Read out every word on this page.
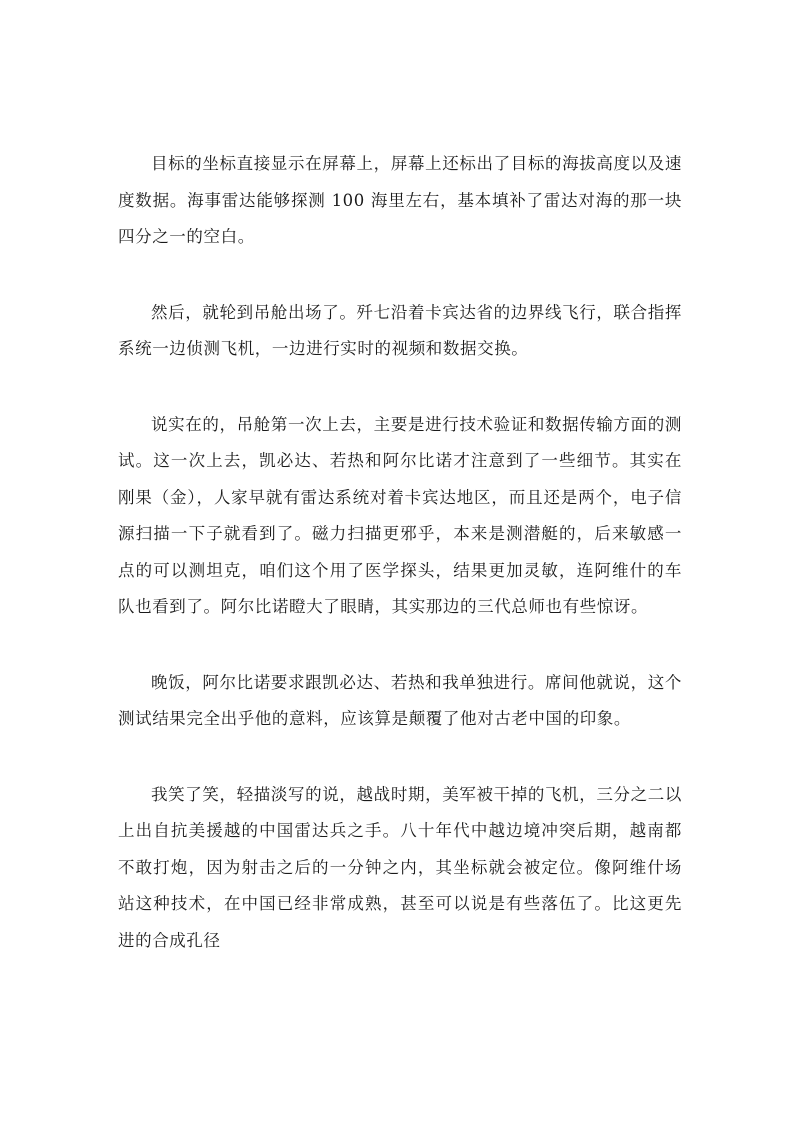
目标的坐标直接显示在屏幕上，屏幕上还标出了目标的海拔高度以及速度数据。海事雷达能够探测 100 海里左右，基本填补了雷达对海的那一块四分之一的空白。

然后，就轮到吊舱出场了。歼七沿着卡宾达省的边界线飞行，联合指挥系统一边侦测飞机，一边进行实时的视频和数据交换。

说实在的，吊舱第一次上去，主要是进行技术验证和数据传输方面的测试。这一次上去，凯必达、若热和阿尔比诺才注意到了一些细节。其实在刚果（金），人家早就有雷达系统对着卡宾达地区，而且还是两个，电子信源扫描一下子就看到了。磁力扫描更邪乎，本来是测潜艇的，后来敏感一点的可以测坦克，咱们这个用了医学探头，结果更加灵敏，连阿维什的车队也看到了。阿尔比诺瞪大了眼睛，其实那边的三代总师也有些惊讶。

晚饭，阿尔比诺要求跟凯必达、若热和我单独进行。席间他就说，这个测试结果完全出乎他的意料，应该算是颠覆了他对古老中国的印象。

我笑了笑，轻描淡写的说，越战时期，美军被干掉的飞机，三分之二以上出自抗美援越的中国雷达兵之手。八十年代中越边境冲突后期，越南都不敢打炮，因为射击之后的一分钟之内，其坐标就会被定位。像阿维什场站这种技术，在中国已经非常成熟，甚至可以说是有些落伍了。比这更先进的合成孔径
